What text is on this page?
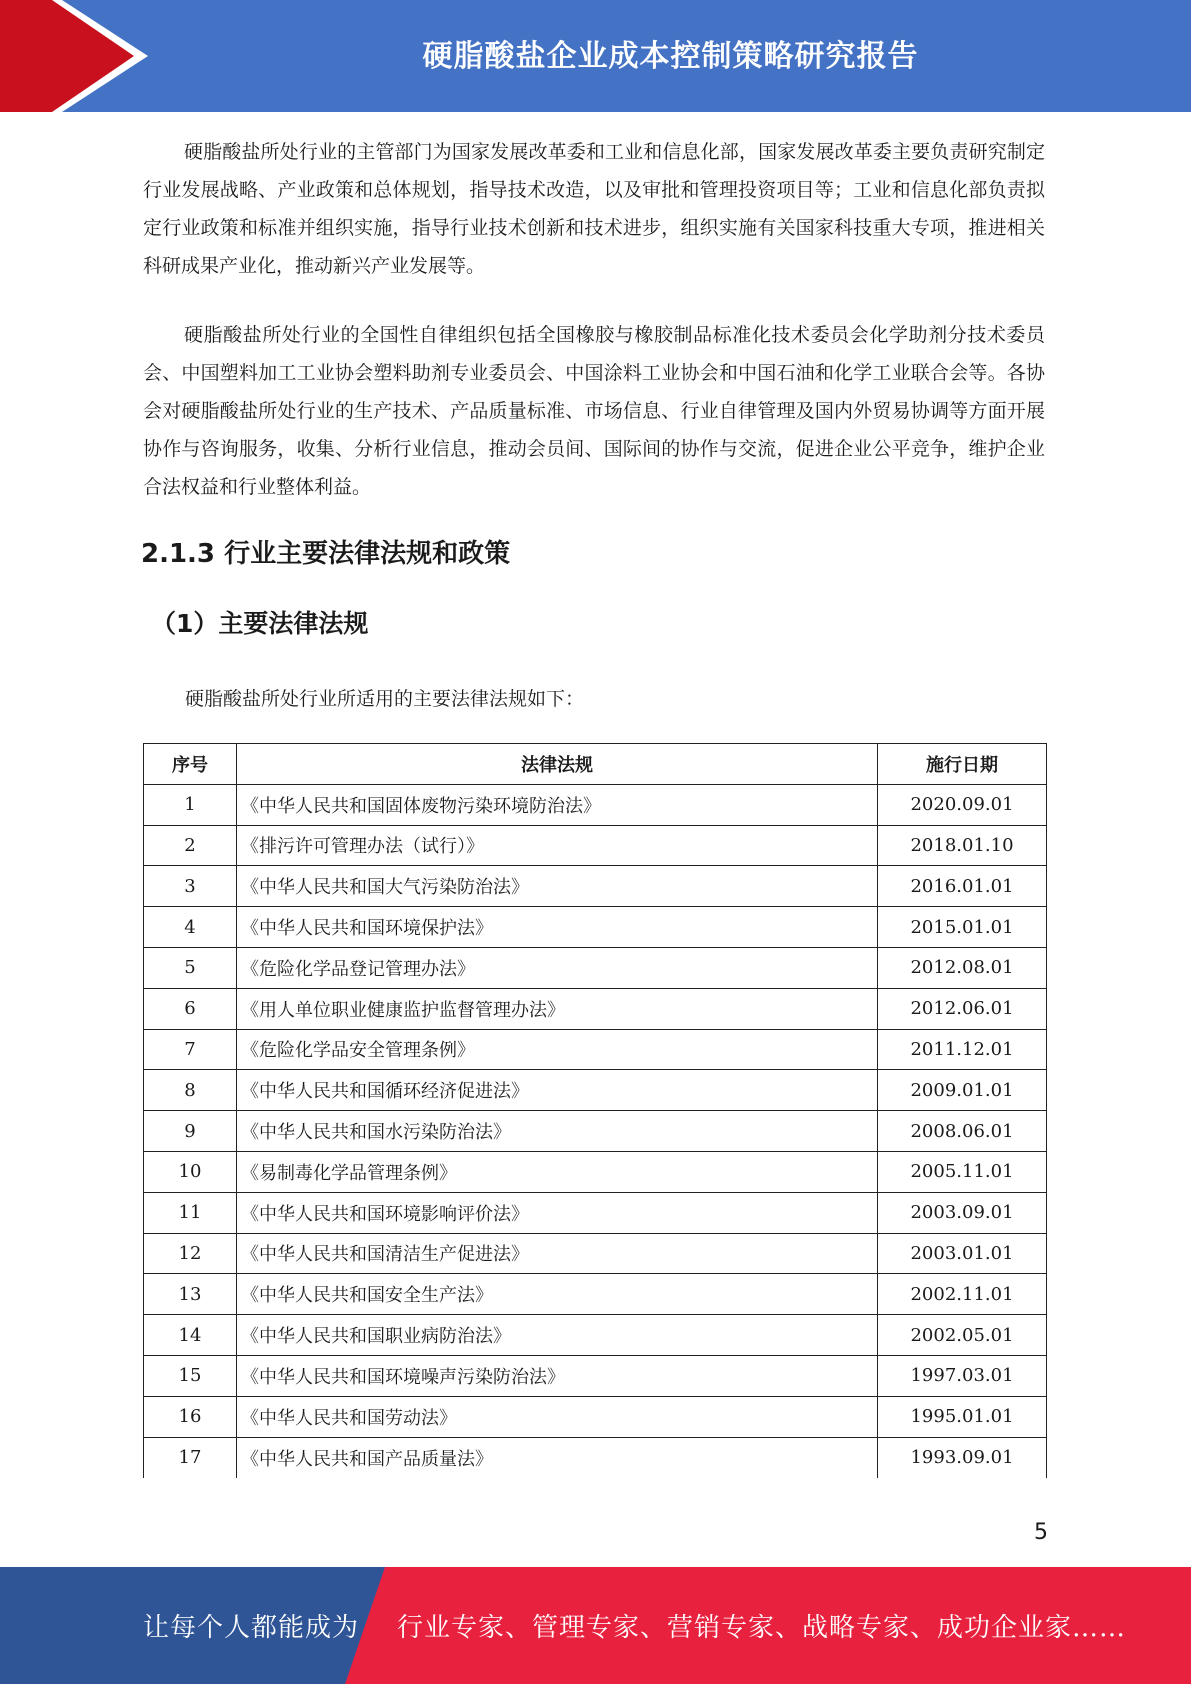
硬脂酸盐企业成本控制策略研究报告

硬脂酸盐所处行业的主管部门为国家发展改革委和工业和信息化部，国家发展改革委主要负责研究制定行业发展战略、产业政策和总体规划，指导技术改造，以及审批和管理投资项目等；工业和信息化部负责拟定行业政策和标准并组织实施，指导行业技术创新和技术进步，组织实施有关国家科技重大专项，推进相关科研成果产业化，推动新兴产业发展等。

硬脂酸盐所处行业的全国性自律组织包括全国橡胶与橡胶制品标准化技术委员会化学助剂分技术委员会、中国塑料加工工业协会塑料助剂专业委员会、中国涂料工业协会和中国石油和化学工业联合会等。各协会对硬脂酸盐所处行业的生产技术、产品质量标准、市场信息、行业自律管理及国内外贸易协调等方面开展协作与咨询服务，收集、分析行业信息，推动会员间、国际间的协作与交流，促进企业公平竞争，维护企业合法权益和行业整体利益。

2.1.3 行业主要法律法规和政策
（1）主要法律法规

硬脂酸盐所处行业所适用的主要法律法规如下：

序号	法律法规	施行日期
1	《中华人民共和国固体废物污染环境防治法》	2020.09.01
2	《排污许可管理办法（试行）》	2018.01.10
3	《中华人民共和国大气污染防治法》	2016.01.01
4	《中华人民共和国环境保护法》	2015.01.01
5	《危险化学品登记管理办法》	2012.08.01
6	《用人单位职业健康监护监督管理办法》	2012.06.01
7	《危险化学品安全管理条例》	2011.12.01
8	《中华人民共和国循环经济促进法》	2009.01.01
9	《中华人民共和国水污染防治法》	2008.06.01
10	《易制毒化学品管理条例》	2005.11.01
11	《中华人民共和国环境影响评价法》	2003.09.01
12	《中华人民共和国清洁生产促进法》	2003.01.01
13	《中华人民共和国安全生产法》	2002.11.01
14	《中华人民共和国职业病防治法》	2002.05.01
15	《中华人民共和国环境噪声污染防治法》	1997.03.01
16	《中华人民共和国劳动法》	1995.01.01
17	《中华人民共和国产品质量法》	1993.09.01
5
让每个人都能成为 行业专家、管理专家、营销专家、战略专家、成功企业家……
